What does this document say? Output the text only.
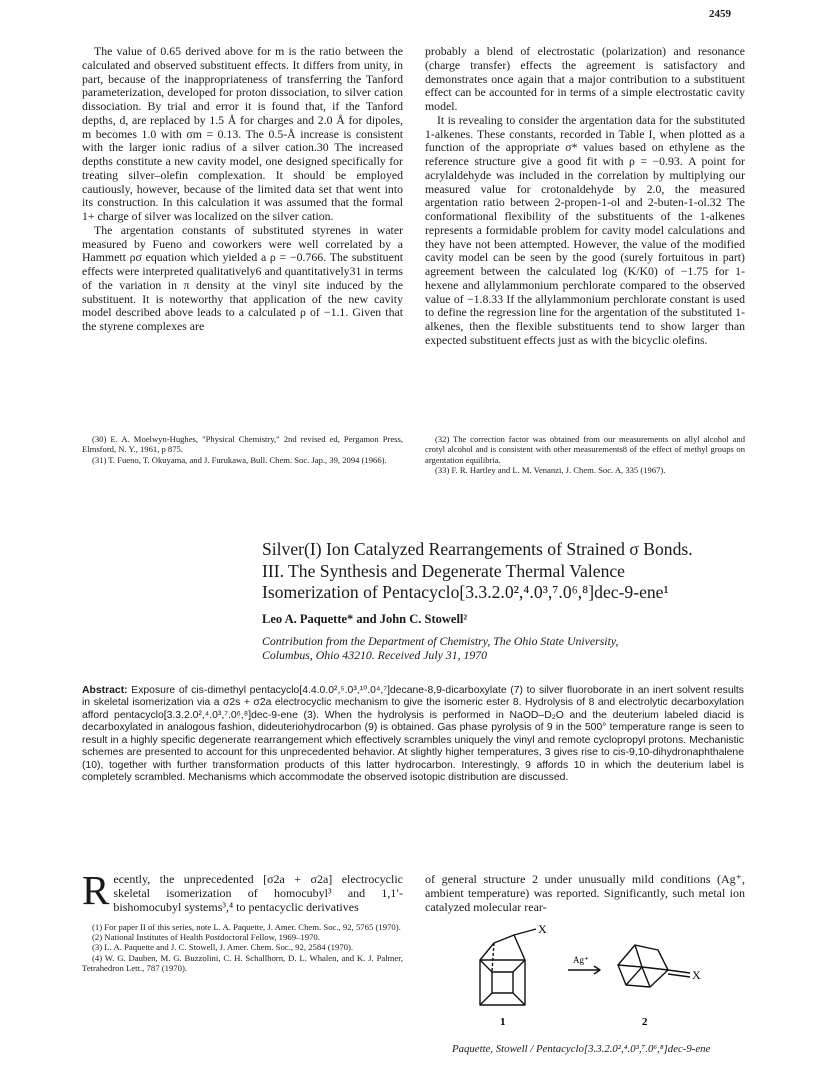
2459

The value of 0.65 derived above for m is the ratio between the calculated and observed substituent effects. It differs from unity, in part, because of the inappropriateness of transferring the Tanford parameterization, developed for proton dissociation, to silver cation dissociation. By trial and error it is found that, if the Tanford depths, d, are replaced by 1.5 Å for charges and 2.0 Å for dipoles, m becomes 1.0 with σm = 0.13. The 0.5-Å increase is consistent with the larger ionic radius of a silver cation.30 The increased depths constitute a new cavity model, one designed specifically for treating silver–olefin complexation. It should be employed cautiously, however, because of the limited data set that went into its construction. In this calculation it was assumed that the formal 1+ charge of silver was localized on the silver cation.

The argentation constants of substituted styrenes in water measured by Fueno and coworkers were well correlated by a Hammett ρσ equation which yielded a ρ = −0.766. The substituent effects were interpreted qualitatively6 and quantitatively31 in terms of the variation in π density at the vinyl site induced by the substituent. It is noteworthy that application of the new cavity model described above leads to a calculated ρ of −1.1. Given that the styrene complexes are

probably a blend of electrostatic (polarization) and resonance (charge transfer) effects the agreement is satisfactory and demonstrates once again that a major contribution to a substituent effect can be accounted for in terms of a simple electrostatic cavity model.

It is revealing to consider the argentation data for the substituted 1-alkenes. These constants, recorded in Table I, when plotted as a function of the appropriate σ* values based on ethylene as the reference structure give a good fit with ρ = −0.93. A point for acrylaldehyde was included in the correlation by multiplying our measured value for crotonaldehyde by 2.0, the measured argentation ratio between 2-propen-1-ol and 2-buten-1-ol.32 The conformational flexibility of the substituents of the 1-alkenes represents a formidable problem for cavity model calculations and they have not been attempted. However, the value of the modified cavity model can be seen by the good (surely fortuitous in part) agreement between the calculated log (K/K0) of −1.75 for 1-hexene and allylammonium perchlorate compared to the observed value of −1.8.33 If the allylammonium perchlorate constant is used to define the regression line for the argentation of the substituted 1-alkenes, then the flexible substituents tend to show larger than expected substituent effects just as with the bicyclic olefins.

(30) E. A. Moelwyn-Hughes, "Physical Chemistry," 2nd revised ed, Pergamon Press, Elmsford, N. Y., 1961, p 875.
(31) T. Fueno, T. Okuyama, and J. Furukawa, Bull. Chem. Soc. Jap., 39, 2094 (1966).
(32) The correction factor was obtained from our measurements on allyl alcohol and crotyl alcohol and is consistent with other measurements8 of the effect of methyl groups on argentation equilibria.
(33) F. R. Hartley and L. M. Venanzi, J. Chem. Soc. A, 335 (1967).
Silver(I) Ion Catalyzed Rearrangements of Strained σ Bonds.
III. The Synthesis and Degenerate Thermal Valence
Isomerization of Pentacyclo[3.3.2.0²,⁴.0³,⁷.0⁶,⁸]dec-9-ene¹
Leo A. Paquette* and John C. Stowell²
Contribution from the Department of Chemistry, The Ohio State University,
Columbus, Ohio 43210. Received July 31, 1970
Abstract: Exposure of cis-dimethyl pentacyclo[4.4.0.0²,⁵.0³,¹⁰.0⁴,⁷]decane-8,9-dicarboxylate (7) to silver fluoroborate in an inert solvent results in skeletal isomerization via a σ2s + σ2a electrocyclic mechanism to give the isomeric ester 8. Hydrolysis of 8 and electrolytic decarboxylation afford pentacyclo[3.3.2.0²,⁴.0³,⁷.0⁶,⁸]dec-9-ene (3). When the hydrolysis is performed in NaOD–D₂O and the deuterium labeled diacid is decarboxylated in analogous fashion, dideuteriohydrocarbon (9) is obtained. Gas phase pyrolysis of 9 in the 500° temperature range is seen to result in a highly specific degenerate rearrangement which effectively scrambles uniquely the vinyl and remote cyclopropyl protons. Mechanistic schemes are presented to account for this unprecedented behavior. At slightly higher temperatures, 3 gives rise to cis-9,10-dihydronaphthalene (10), together with further transformation products of this latter hydrocarbon. Interestingly, 9 affords 10 in which the deuterium label is completely scrambled. Mechanisms which accommodate the observed isotopic distribution are discussed.
Recently, the unprecedented [σ2a + σ2a] electrocyclic skeletal isomerization of homocubyl³ and 1,1′-bishomocubyl systems³,⁴ to pentacyclic derivatives
of general structure 2 under unusually mild conditions (Ag⁺, ambient temperature) was reported. Significantly, such metal ion catalyzed molecular rear-
(1) For paper II of this series, note L. A. Paquette, J. Amer. Chem. Soc., 92, 5765 (1970).
(2) National Institutes of Health Postdoctoral Fellow, 1969–1970.
(3) L. A. Paquette and J. C. Stowell, J. Amer. Chem. Soc., 92, 2584 (1970).
(4) W. G. Dauben, M. G. Buzzolini, C. H. Schallhorn, D. L. Whalen, and K. J. Palmer, Tetrahedron Lett., 787 (1970).
X
Ag⁺
X
1	2
Paquette, Stowell / Pentacyclo[3.3.2.0²,⁴.0³,⁷.0⁶,⁸]dec-9-ene
